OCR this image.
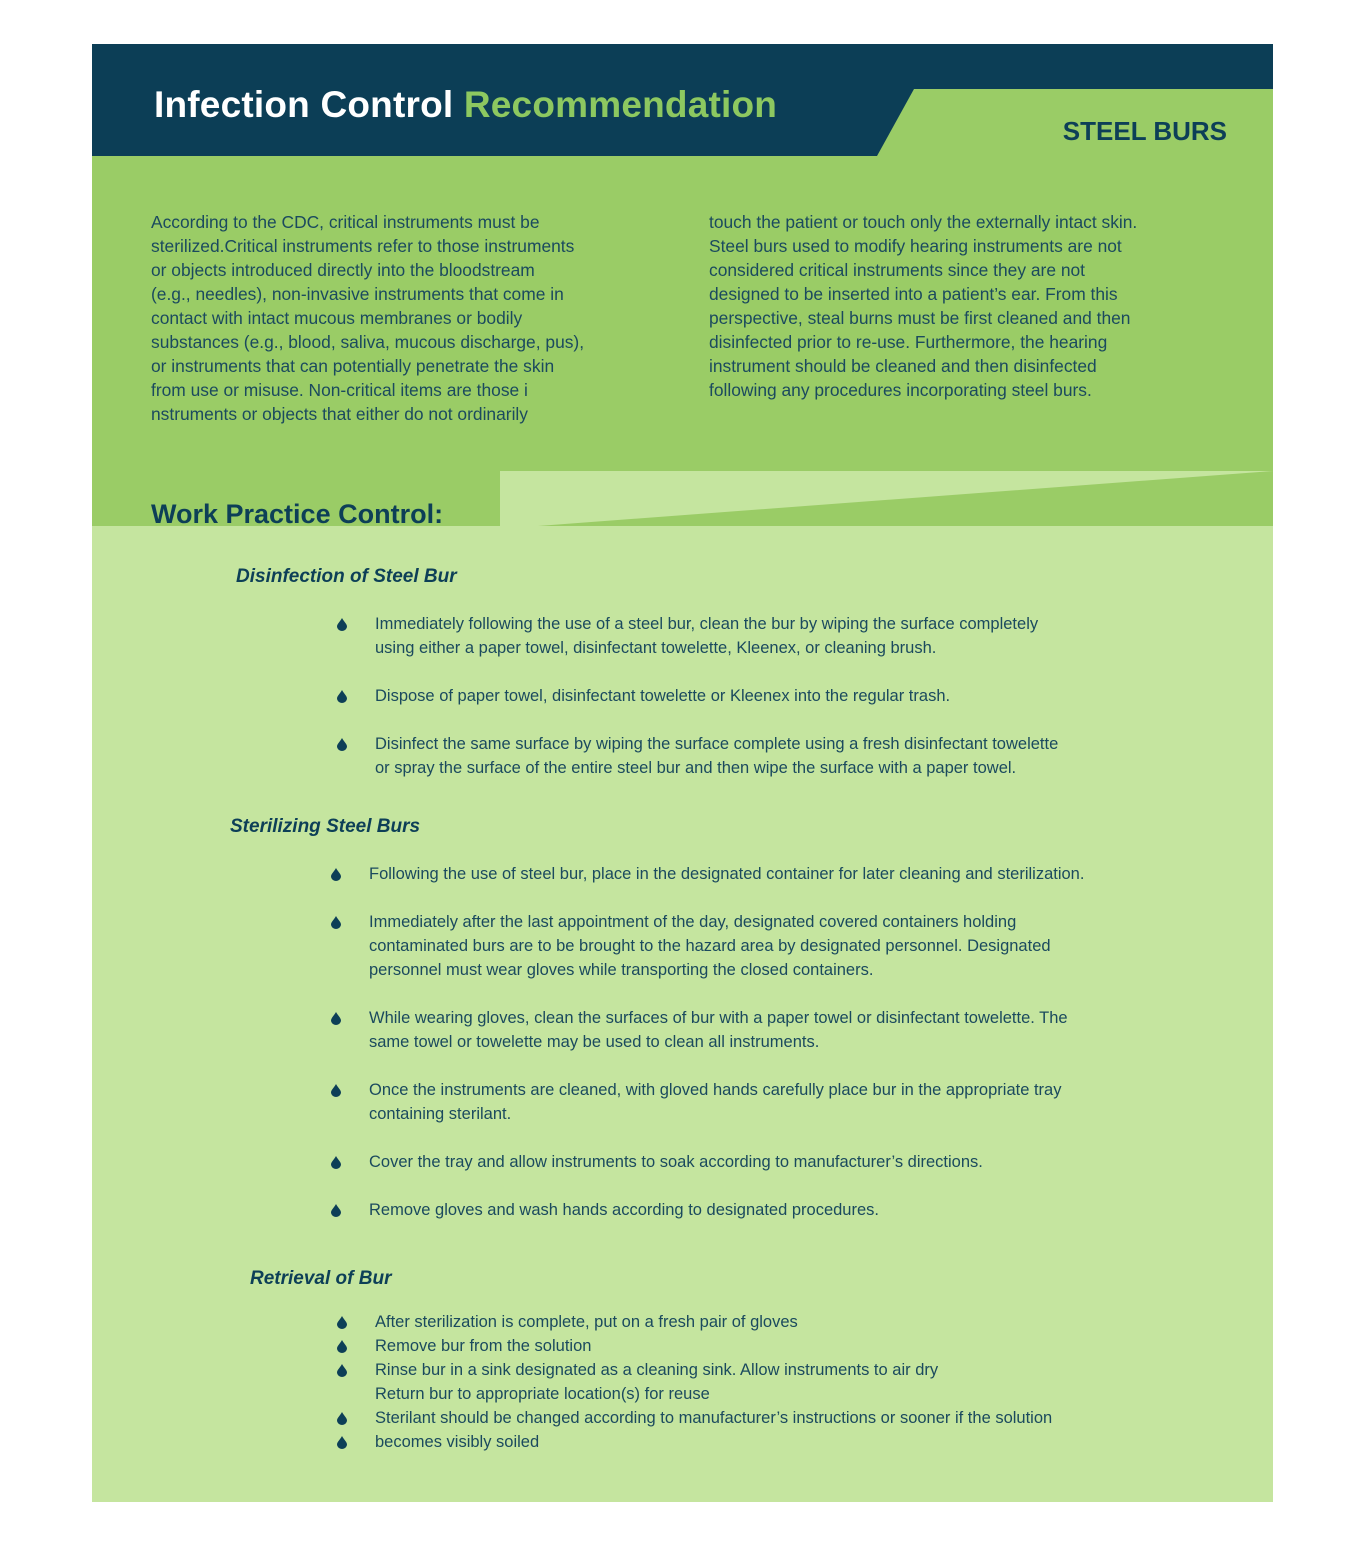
Infection Control Recommendation
STEEL BURS

According to the CDC, critical instruments must be
sterilized.Critical instruments refer to those instruments
or objects introduced directly into the bloodstream
(e.g., needles), non-invasive instruments that come in
contact with intact mucous membranes or bodily
substances (e.g., blood, saliva, mucous discharge, pus),
or instruments that can potentially penetrate the skin
from use or misuse. Non-critical items are those i
nstruments or objects that either do not ordinarily

touch the patient or touch only the externally intact skin.
Steel burs used to modify hearing instruments are not
considered critical instruments since they are not
designed to be inserted into a patient’s ear. From this
perspective, steal burns must be first cleaned and then
disinfected prior to re-use. Furthermore, the hearing
instrument should be cleaned and then disinfected
following any procedures incorporating steel burs.

Work Practice Control:
Disinfection of Steel Bur
Immediately following the use of a steel bur, clean the bur by wiping the surface completely
using either a paper towel, disinfectant towelette, Kleenex, or cleaning brush.
Dispose of paper towel, disinfectant towelette or Kleenex into the regular trash.
Disinfect the same surface by wiping the surface complete using a fresh disinfectant towelette
or spray the surface of the entire steel bur and then wipe the surface with a paper towel.
Sterilizing Steel Burs
Following the use of steel bur, place in the designated container for later cleaning and sterilization.
Immediately after the last appointment of the day, designated covered containers holding
contaminated burs are to be brought to the hazard area by designated personnel. Designated
personnel must wear gloves while transporting the closed containers.
While wearing gloves, clean the surfaces of bur with a paper towel or disinfectant towelette. The
same towel or towelette may be used to clean all instruments.
Once the instruments are cleaned, with gloved hands carefully place bur in the appropriate tray
containing sterilant.
Cover the tray and allow instruments to soak according to manufacturer’s directions.
Remove gloves and wash hands according to designated procedures.
Retrieval of Bur
After sterilization is complete, put on a fresh pair of gloves
Remove bur from the solution
Rinse bur in a sink designated as a cleaning sink. Allow instruments to air dry
Return bur to appropriate location(s) for reuse
Sterilant should be changed according to manufacturer’s instructions or sooner if the solution
becomes visibly soiled
